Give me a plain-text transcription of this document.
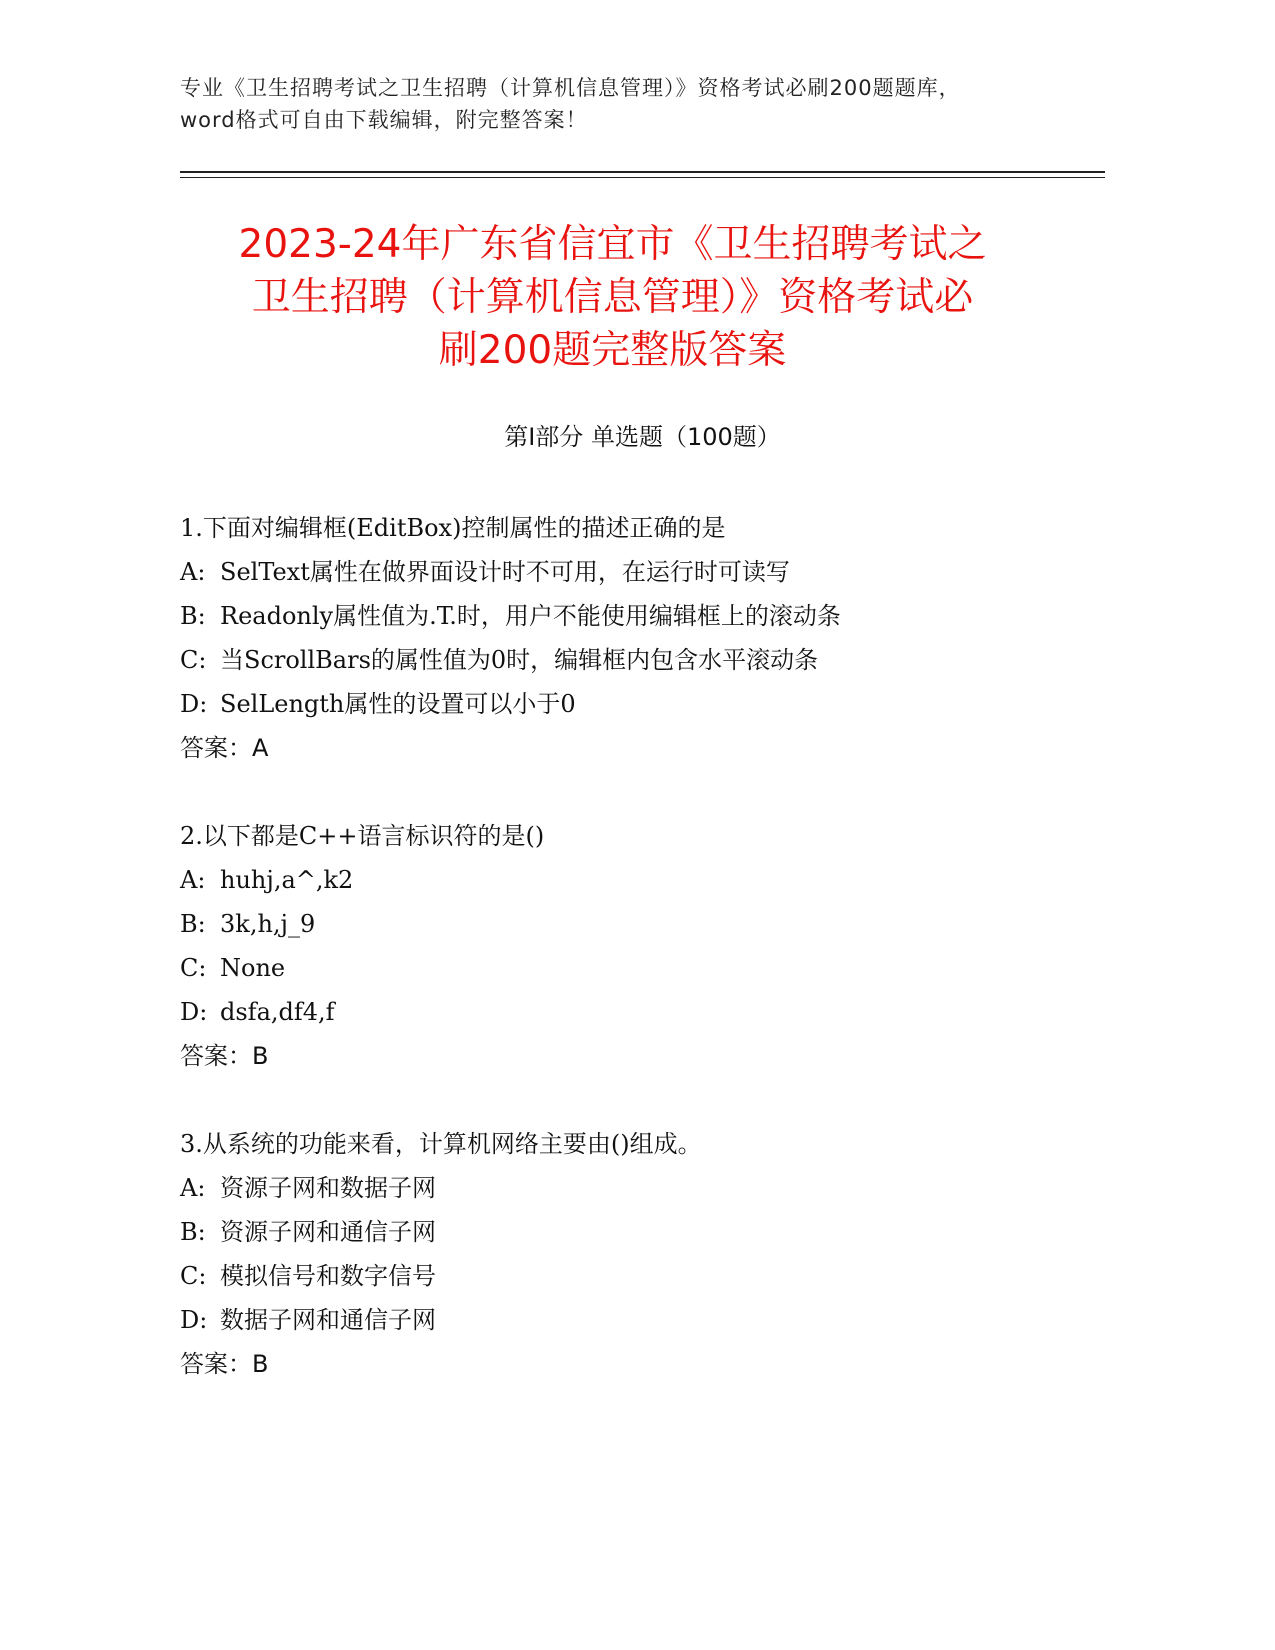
专业《卫生招聘考试之卫生招聘（计算机信息管理）》资格考试必刷200题题库，
word格式可自由下载编辑，附完整答案！
2023-24年广东省信宜市《卫生招聘考试之
卫生招聘（计算机信息管理）》资格考试必
刷200题完整版答案
第Ⅰ部分 单选题（100题）
1.下面对编辑框(EditBox)控制属性的描述正确的是
A: SelText属性在做界面设计时不可用，在运行时可读写
B: Readonly属性值为.T.时，用户不能使用编辑框上的滚动条
C: 当ScrollBars的属性值为0时，编辑框内包含水平滚动条
D: SelLength属性的设置可以小于0
答案：A
2.以下都是C++语言标识符的是()
A: huhj,a^,k2
B: 3k,h,j_9
C: None
D: dsfa,df4,f
答案：B
3.从系统的功能来看，计算机网络主要由()组成。
A: 资源子网和数据子网
B: 资源子网和通信子网
C: 模拟信号和数字信号
D: 数据子网和通信子网
答案：B
